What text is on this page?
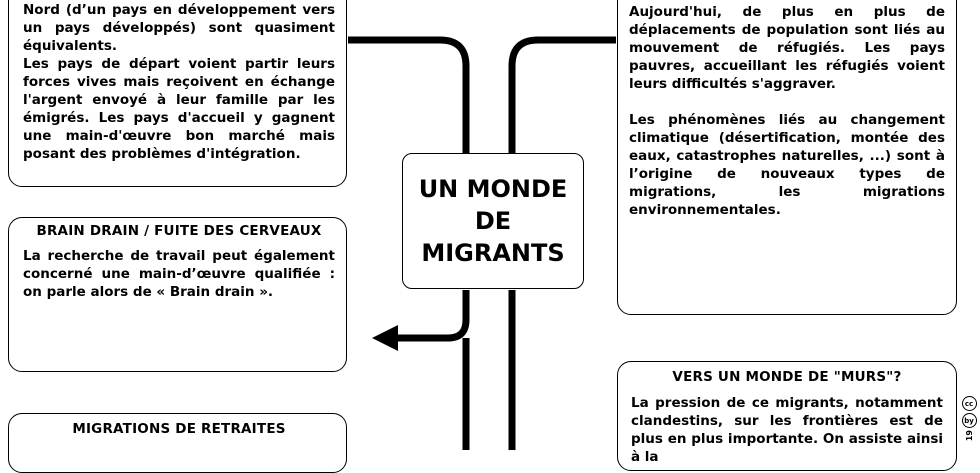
Nord (d’un pays en développement vers un pays développés) sont quasiment équivalents.

Les pays de départ voient partir leurs forces vives mais reçoivent en échange l'argent envoyé à leur famille par les émigrés. Les pays d'accueil y gagnent une main-d'œuvre bon marché mais posant des problèmes d'intégration.

BRAIN DRAIN / FUITE DES CERVEAUX

La recherche de travail peut également concerné une main-d’œuvre qualifiée : on parle alors de « Brain drain ».

MIGRATIONS DE RETRAITES

UN MONDE
DE
MIGRANTS

Aujourd'hui, de plus en plus de déplacements de population sont liés au mouvement de réfugiés. Les pays pauvres, accueillant les réfugiés voient leurs difficultés s'aggraver.

Les phénomènes liés au changement climatique (désertification, montée des eaux, catastrophes naturelles, ...) sont à l’origine de nouveaux types de migrations, les migrations environnementales.

VERS UN MONDE DE "MURS"?

La pression de ce migrants, notamment clandestins, sur les frontières est de plus en plus importante. On assiste ainsi à la

cc
by
19
